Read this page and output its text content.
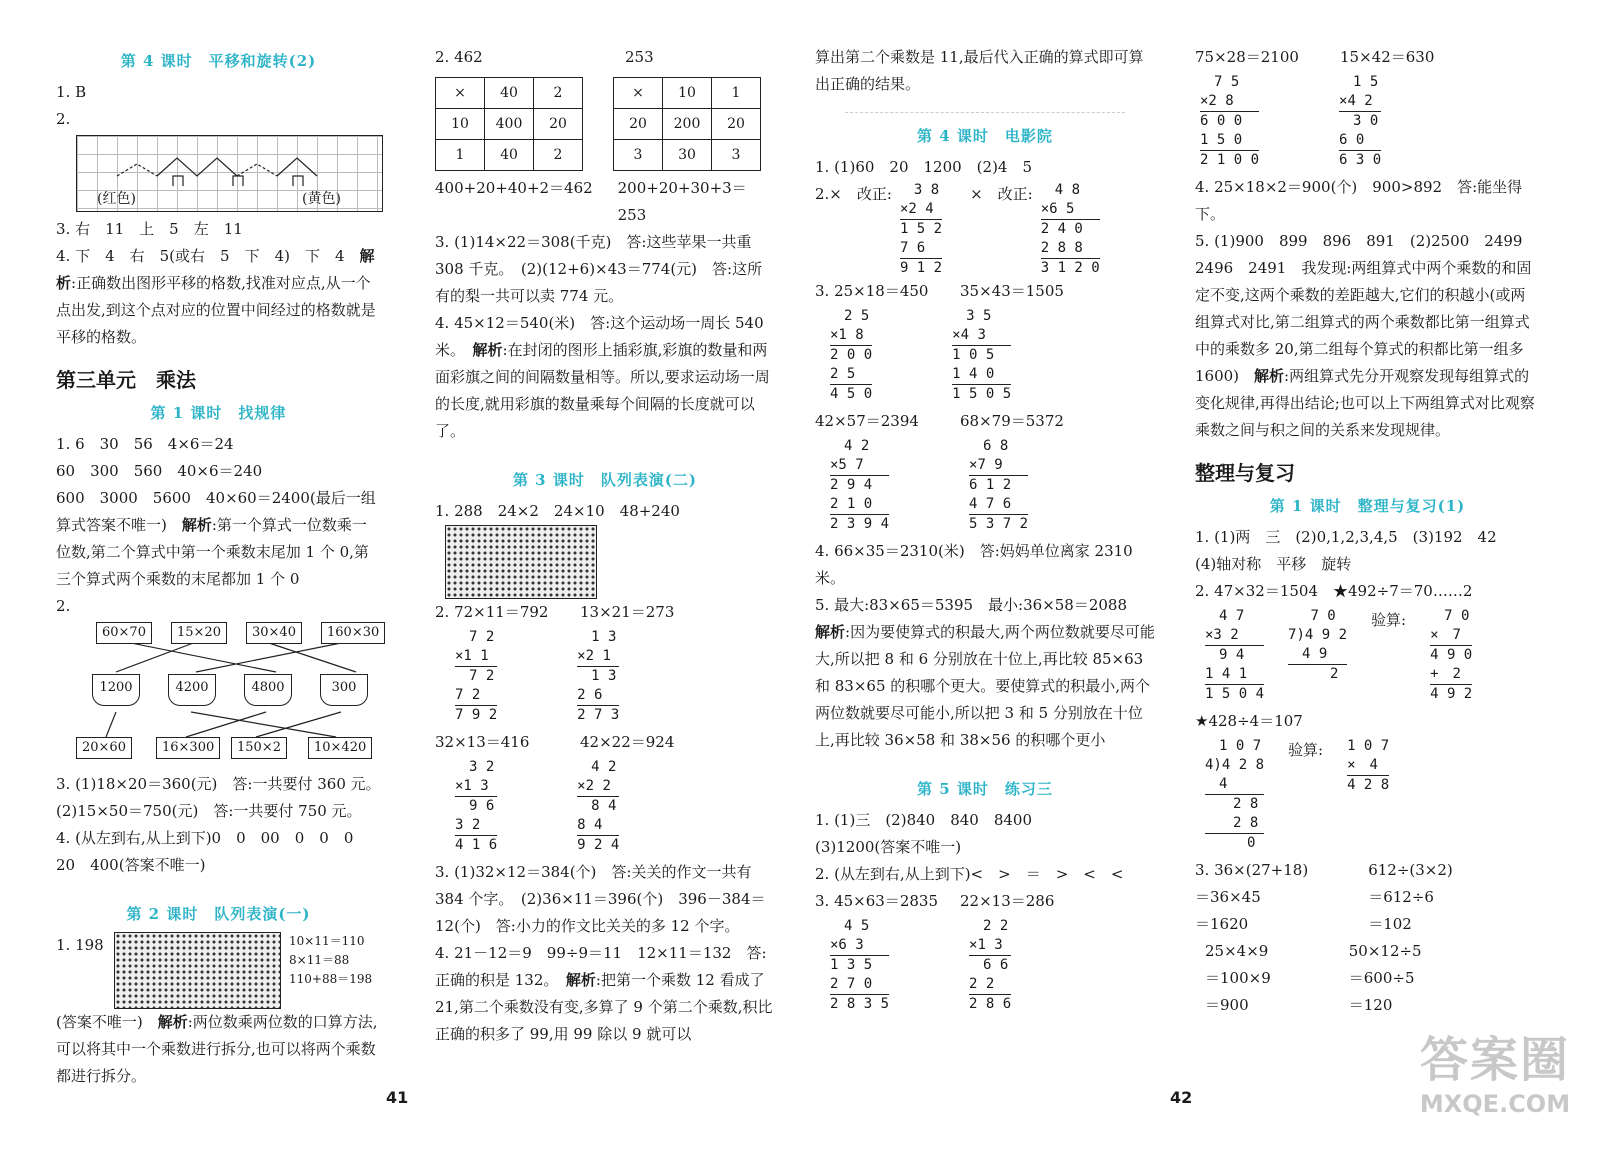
第 4 课时　平移和旋转(2)
1. B
2.
(红色)	(黄色)
3. 右　11　上　5　左　11
4. 下　4　右　5(或右　5　下　4)　下　4　解析:正确数出图形平移的格数,找准对应点,从一个点出发,到这个点对应的位置中间经过的格数就是平移的格数。
第三单元　乘法
第 1 课时　找规律
1. 6　30　56　4×6＝24
60　300　560　40×6＝240
600　3000　5600　40×60＝2400(最后一组算式答案不唯一)　解析:第一个算式一位数乘一位数,第二个算式中第一个乘数末尾加 1 个 0,第三个算式两个乘数的末尾都加 1 个 0
2.
60×70	15×20	30×40	160×30
1200	4200	4800	300
20×60	16×300	150×2	10×420
3. (1)18×20＝360(元)　答:一共要付 360 元。
(2)15×50＝750(元)　答:一共要付 750 元。
4. (从左到右,从上到下)0　0　00　0　0　0
20　400(答案不唯一)
第 2 课时　队列表演(一)
1. 198	10×11＝110
8×11＝88
110+88＝198
(答案不唯一)　解析:两位数乘两位数的口算方法,可以将其中一个乘数进行拆分,也可以将两个乘数都进行拆分。
2. 462	253
×	40	2
10	400	20
1	40	2
×	10	1
20	200	20
3	30	3
400+20+40+2＝462	200+20+30+3＝253
3. (1)14×22＝308(千克)　答:这些苹果一共重 308 千克。　(2)(12+6)×43＝774(元)　答:这所有的梨一共可以卖 774 元。
4. 45×12＝540(米)　答:这个运动场一周长 540 米。　解析:在封闭的图形上插彩旗,彩旗的数量和两面彩旗之间的间隔数量相等。所以,要求运动场一周的长度,就用彩旗的数量乘每个间隔的长度就可以了。
第 3 课时　队列表演(二)
1. 288　24×2　24×10　48+240
2. 72×11＝792	13×21＝273
　7 2
×1 1
　7 2
7 2
7 9 2
　1 3
×2 1
　1 3
2 6
2 7 3
32×13＝416	42×22＝924
　3 2
×1 3
　9 6
3 2
4 1 6
　4 2
×2 2
　8 4
8 4
9 2 4
3. (1)32×12＝384(个)　答:关关的作文一共有 384 个字。　(2)36×11＝396(个)　396－384＝12(个)　答:小力的作文比关关的多 12 个字。
4. 21－12＝9　99÷9＝11　12×11＝132　答:正确的积是 132。　解析:把第一个乘数 12 看成了 21,第二个乘数没有变,多算了 9 个第二个乘数,积比正确的积多了 99,用 99 除以 9 就可以
算出第二个乘数是 11,最后代入正确的算式即可算出正确的结果。
第 4 课时　电影院
1. (1)60　20　1200　(2)4　5
2.×　改正: 　3 8
×2 4
1 5 2
7 6
9 1 2
×　改正: 　4 8
×6 5
2 4 0
2 8 8
3 1 2 0
3. 25×18＝450	35×43＝1505
　2 5
×1 8
2 0 0
2 5
4 5 0
　3 5
×4 3
1 0 5
1 4 0
1 5 0 5
42×57＝2394	68×79＝5372
　4 2
×5 7
2 9 4
2 1 0
2 3 9 4
　6 8
×7 9
6 1 2
4 7 6
5 3 7 2
4. 66×35＝2310(米)　答:妈妈单位离家 2310 米。
5. 最大:83×65＝5395　最小:36×58＝2088　解析:因为要使算式的积最大,两个两位数就要尽可能大,所以把 8 和 6 分别放在十位上,再比较 85×63 和 83×65 的积哪个更大。要使算式的积最小,两个两位数就要尽可能小,所以把 3 和 5 分别放在十位上,再比较 36×58 和 38×56 的积哪个更小
第 5 课时　练习三
1. (1)三　(2)840　840　8400
(3)1200(答案不唯一)
2. (从左到右,从上到下)<　>　＝　>　<　<
3. 45×63＝2835	22×13＝286
　4 5
×6 3
1 3 5
2 7 0
2 8 3 5
　2 2
×1 3
　6 6
2 2
2 8 6
75×28＝2100	15×42＝630
　7 5
×2 8
6 0 0
1 5 0
2 1 0 0
　1 5
×4 2
　3 0
6 0
6 3 0
4. 25×18×2＝900(个)　900>892　答:能坐得下。
5. (1)900　899　896　891　(2)2500　2499　2496　2491　我发现:两组算式中两个乘数的和固定不变,这两个乘数的差距越大,它们的积越小(或两组算式对比,第二组算式的两个乘数都比第一组算式中的乘数多 20,第二组每个算式的积都比第一组多 1600)　解析:两组算式先分开观察发现每组算式的变化规律,再得出结论;也可以上下两组算式对比观察乘数之间与积之间的关系来发现规律。
整理与复习
第 1 课时　整理与复习(1)
1. (1)两　三　(2)0,1,2,3,4,5　(3)192　42
(4)轴对称　平移　旋转
2. 47×32＝1504　★492÷7＝70……2
　4 7
×3 2
　9 4
1 4 1
1 5 0 4
　 7 0
7)4 9 2
　4 9
　　　2
验算: 　7 0
×　7
4 9 0
+　2
4 9 2
★428÷4＝107
　1 0 7
4)4 2 8
　4
　　2 8
　　2 8
　　　0
验算: 1 0 7
×　4
4 2 8
3. 36×(27+18)
＝36×45
＝1620
612÷(3×2)
＝612÷6
＝102
25×4×9
＝100×9
＝900
50×12÷5
＝600÷5
＝120
41	42
答案圈
MXQE.COM
